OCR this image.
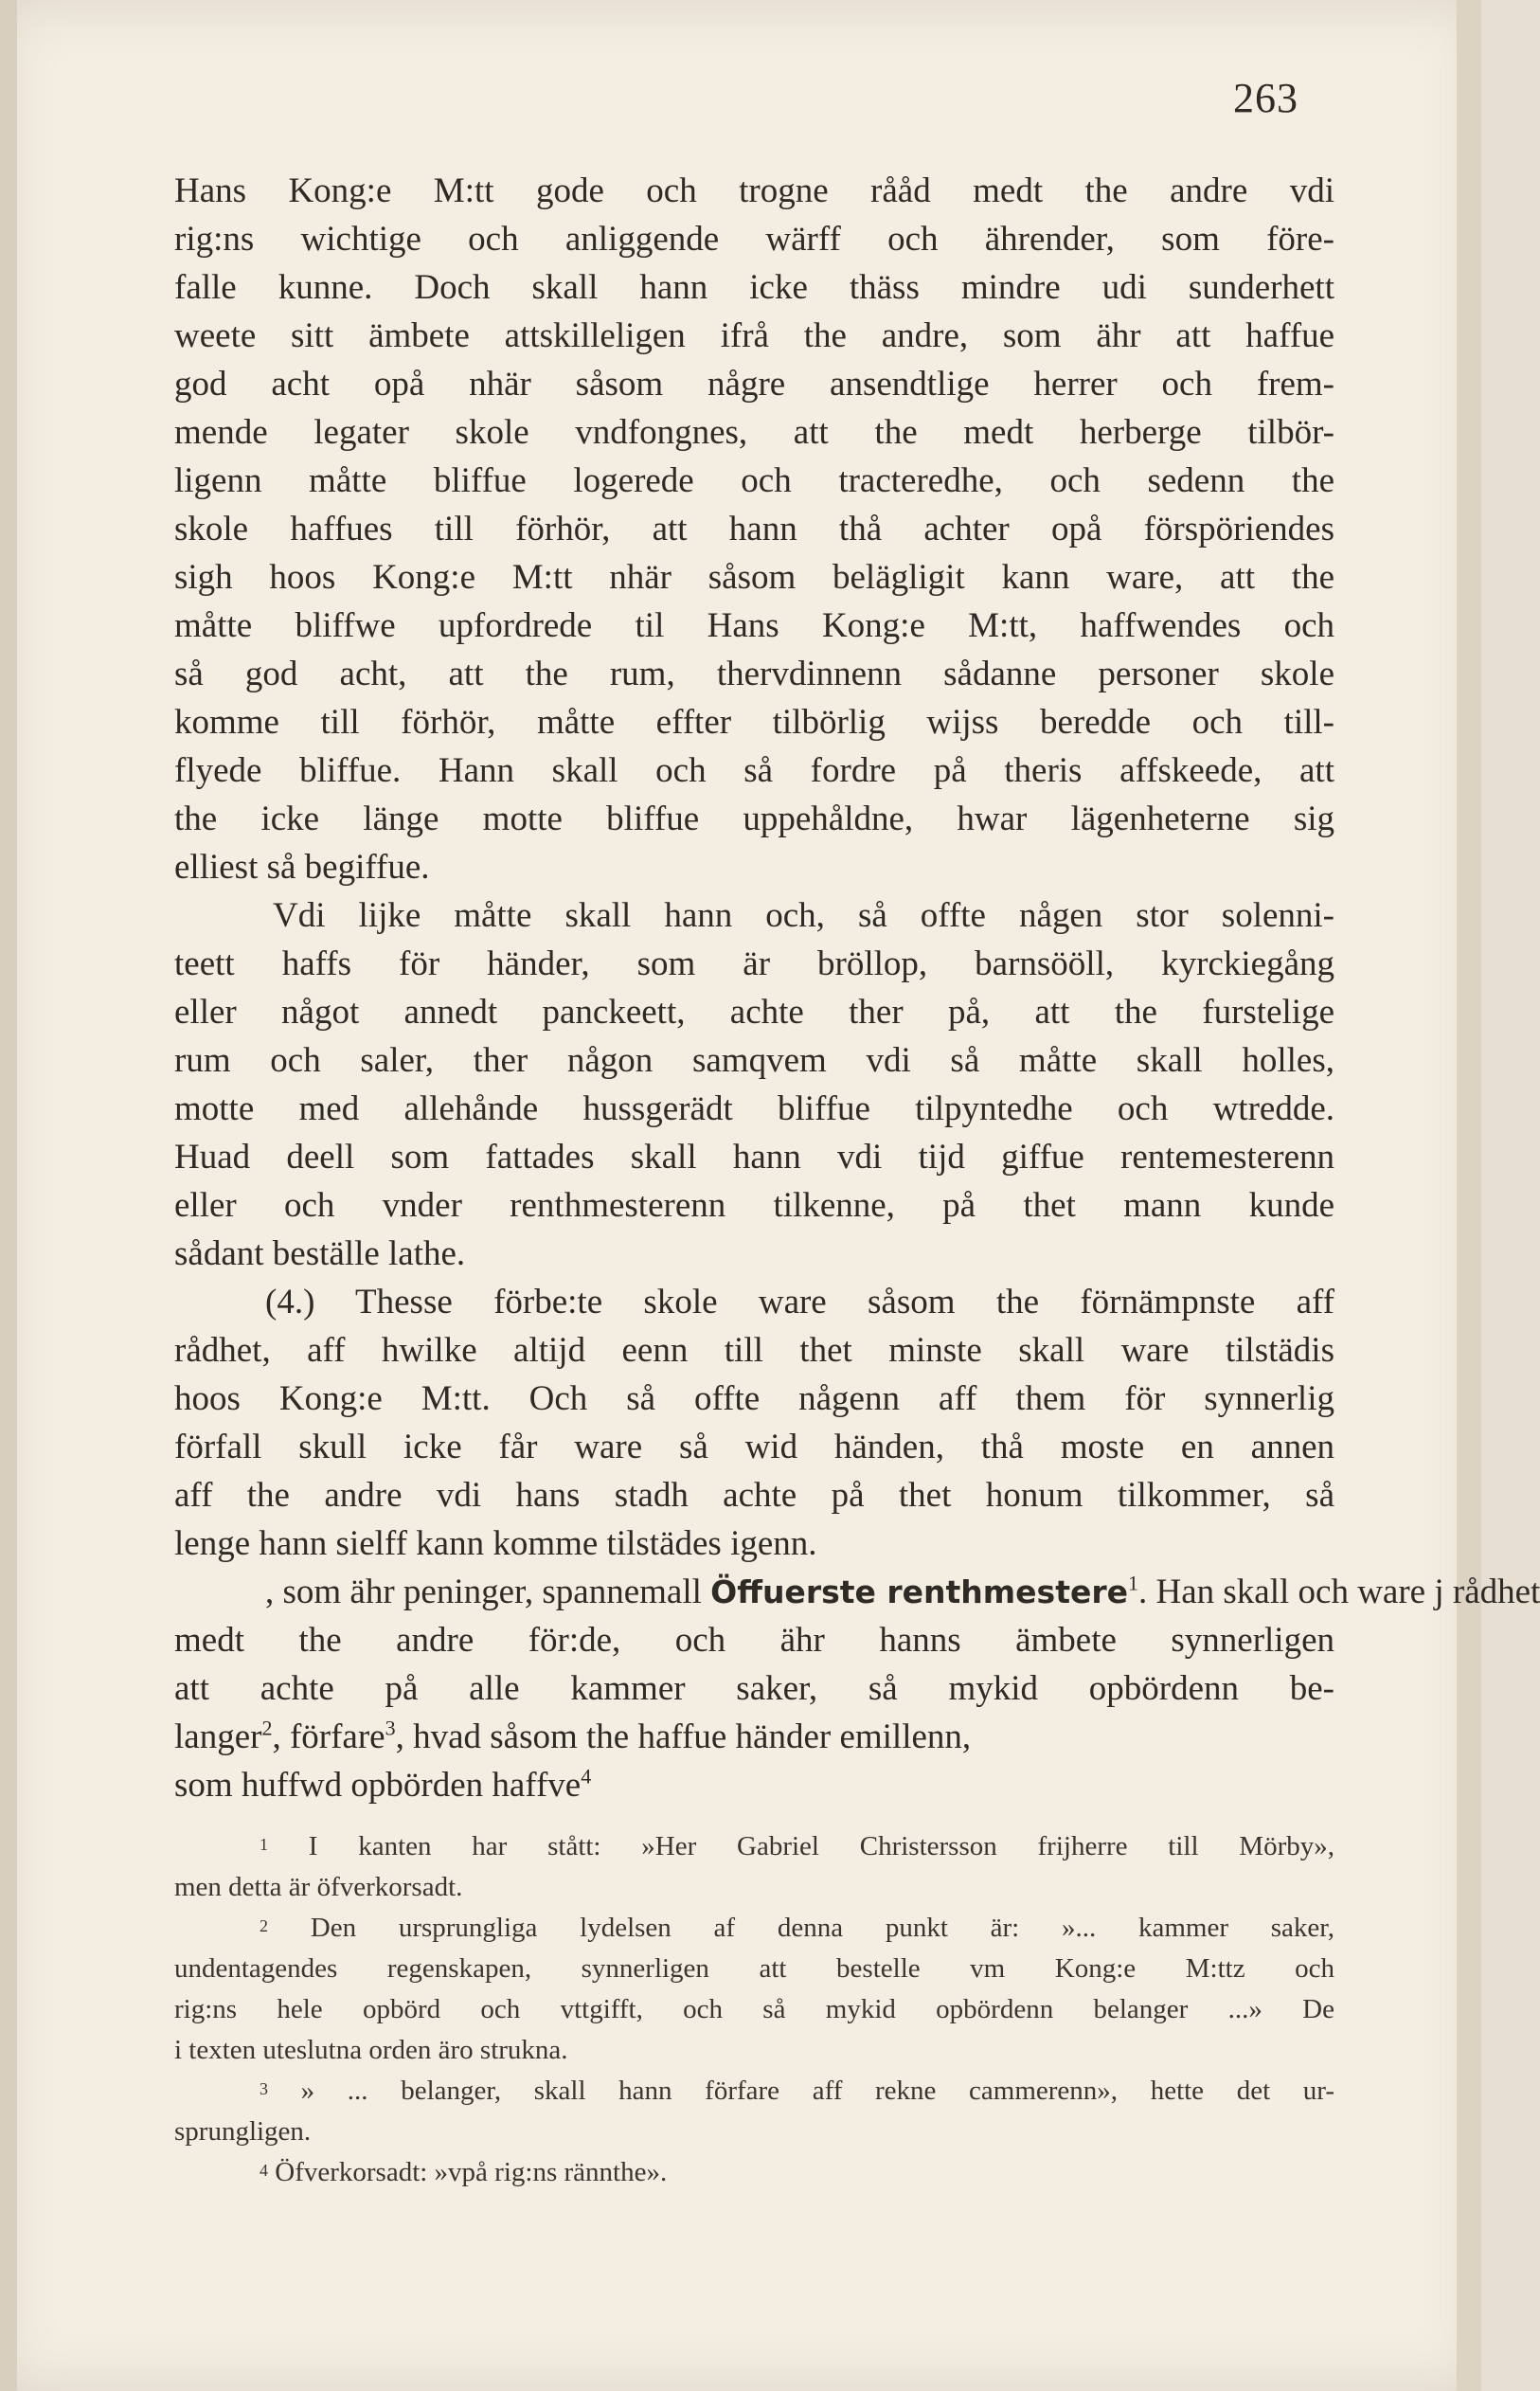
263
Hans Kong:e M:tt gode och trogne rååd medt the andre vdi
rig:ns wichtige och anliggende wärff och ährender, som före-
falle kunne. Doch skall hann icke thäss mindre udi sunderhett
weete sitt ämbete attskilleligen ifrå the andre, som ähr att haffue
god acht opå nhär såsom någre ansendtlige herrer och frem-
mende legater skole vndfongnes, att the medt herberge tilbör-
ligenn måtte bliffue logerede och tracteredhe, och sedenn the
skole haffues till förhör, att hann thå achter opå förspöriendes
sigh hoos Kong:e M:tt nhär såsom belägligit kann ware, att the
måtte bliffwe upfordrede til Hans Kong:e M:tt, haffwendes och
så god acht, att the rum, thervdinnenn sådanne personer skole
komme till förhör, måtte effter tilbörlig wijss beredde och till-
flyede bliffue. Hann skall och så fordre på theris affskeede, att
the icke länge motte bliffue uppehåldne, hwar lägenheterne sig
elliest så begiffue.
Vdi lijke måtte skall hann och, så offte någen stor solenni-
teett haffs för händer, som är bröllop, barnsööll, kyrckiegång
eller något annedt panckeett, achte ther på, att the furstelige
rum och saler, ther någon samqvem vdi så måtte skall holles,
motte med allehånde hussgerädt bliffue tilpyntedhe och wtredde.
Huad deell som fattades skall hann vdi tijd giffue rentemesterenn
eller och vnder renthmesterenn tilkenne, på thet mann kunde
sådant beställe lathe.
(4.) Thesse förbe:te skole ware såsom the förnämpnste aff
rådhet, aff hwilke altijd eenn till thet minste skall ware tilstädis
hoos Kong:e M:tt. Och så offte någenn aff them för synnerlig
förfall skull icke får ware så wid händen, thå moste en annen
aff the andre vdi hans stadh achte på thet honum tilkommer, så
lenge hann sielff kann komme tilstädes igenn.
, som ähr peninger, spannemall Öffuerste renthmestere$^1$. Han skall och ware j rådhet
medt the andre för:de, och ähr hanns ämbete synnerligen
att achte på alle kammer saker, så mykid opbördenn be-
langer$^2$, förfare$^3$, hvad såsom the haffue händer emillenn,
som huffwd opbörden haffve$^4$
$^1$ I kanten har stått: »Her Gabriel Christersson frijherre till Mörby»,
men detta är öfverkorsadt.
$^2$ Den ursprungliga lydelsen af denna punkt är: »... kammer saker,
undentagendes regenskapen, synnerligen att bestelle vm Kong:e M:ttz och
rig:ns hele opbörd och vttgifft, och så mykid opbördenn belanger ...» De
i texten uteslutna orden äro strukna.
$^3$ » ... belanger, skall hann förfare aff rekne cammerenn», hette det ur-
sprungligen.
$^4$ Öfverkorsadt: »vpå rig:ns rännthe».
